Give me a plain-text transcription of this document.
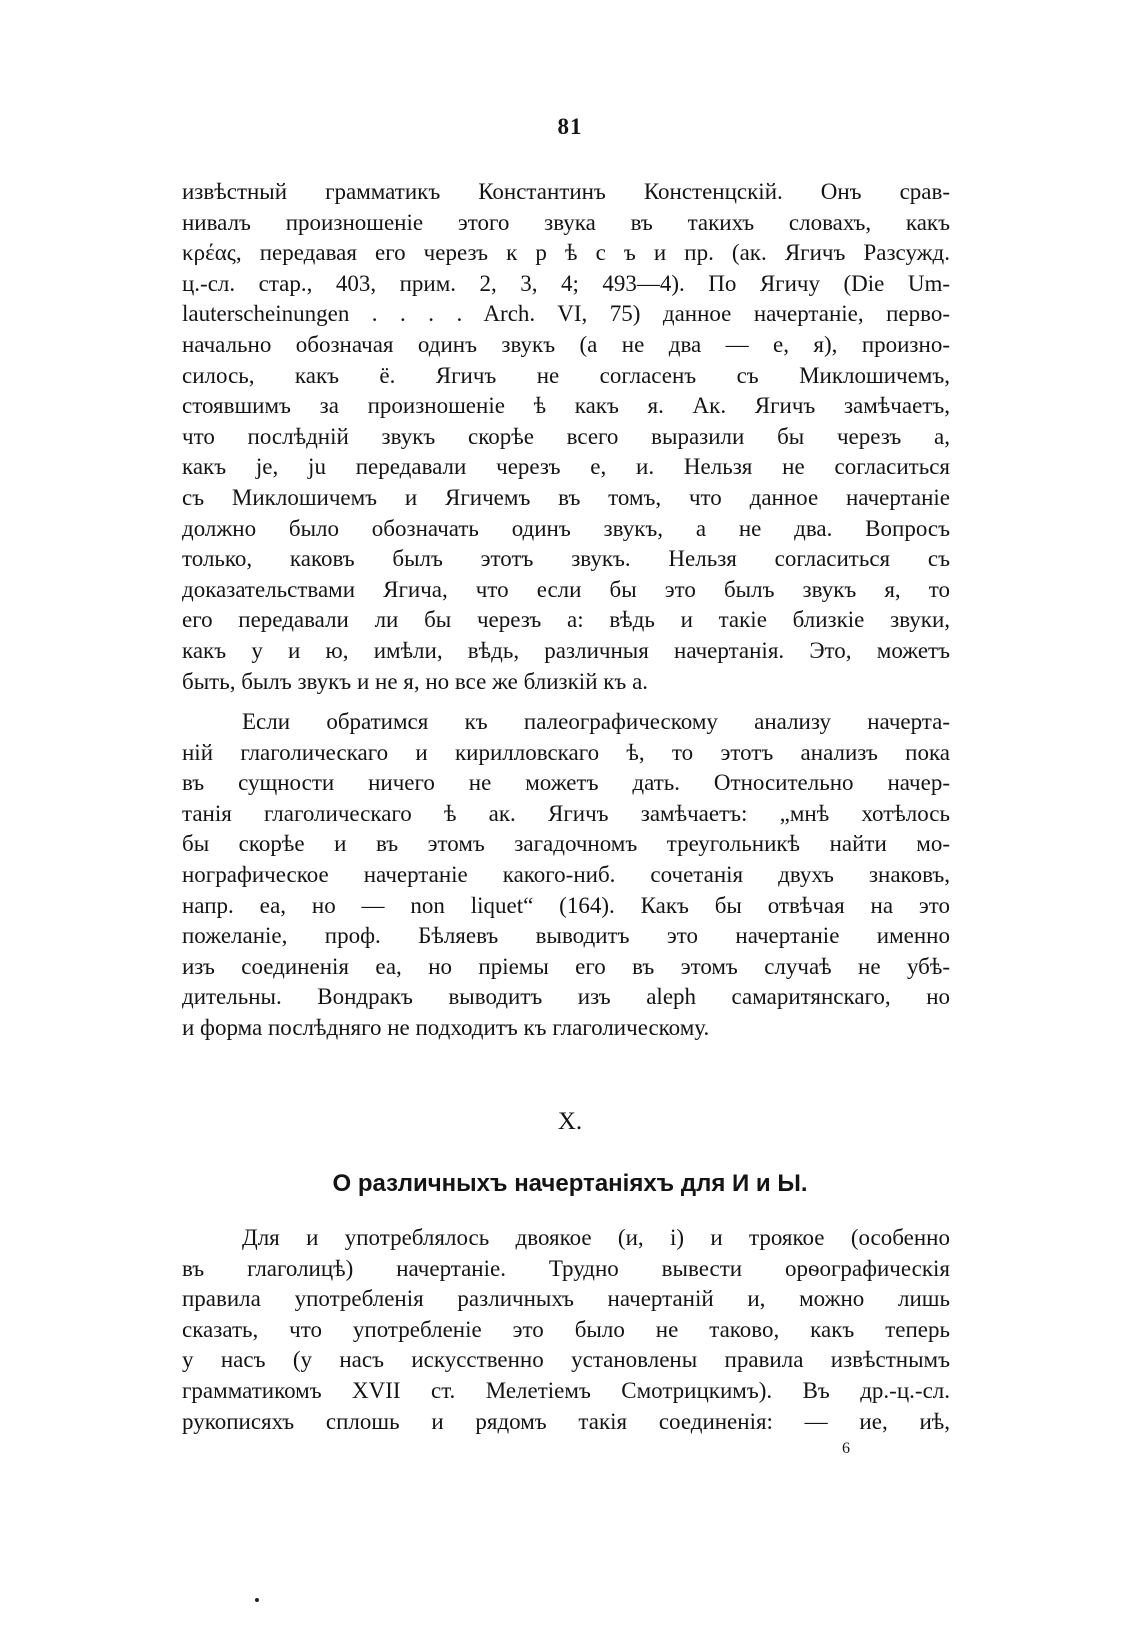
81
извѣстный грамматикъ Константинъ Констенцскій. Онъ срав-
нивалъ произношеніе этого звука въ такихъ словахъ, какъ
κρέας, передавая его черезъ к р ѣ с ъ и пр. (ак. Ягичъ Разсужд.
ц.-сл. стар., 403, прим. 2, 3, 4; 493—4). По Ягичу (Die Um-
lauterscheinungen . . . . Arch. VI, 75) данное начертаніе, перво-
начально обозначая одинъ звукъ (а не два — е, я), произно-
силось, какъ ё. Ягичъ не согласенъ съ Миклошичемъ,
стоявшимъ за произношеніе ѣ какъ я. Ак. Ягичъ замѣчаетъ,
что послѣдній звукъ скорѣе всего выразили бы черезъ а,
какъ je, ju передавали черезъ е, и. Нельзя не согласиться
съ Миклошичемъ и Ягичемъ въ томъ, что данное начертаніе
должно было обозначать одинъ звукъ, а не два. Вопросъ
только, каковъ былъ этотъ звукъ. Нельзя согласиться съ
доказательствами Ягича, что если бы это былъ звукъ я, то
его передавали ли бы черезъ а: вѣдь и такіе близкіе звуки,
какъ у и ю, имѣли, вѣдь, различныя начертанія. Это, можетъ
быть, былъ звукъ и не я, но все же близкій къ а.
Если обратимся къ палеографическому анализу начерта-
ній глаголическаго и кирилловскаго ѣ, то этотъ анализъ пока
въ сущности ничего не можетъ дать. Относительно начер-
танія глаголическаго ѣ ак. Ягичъ замѣчаетъ: „мнѣ хотѣлось
бы скорѣе и въ этомъ загадочномъ треугольникѣ найти мо-
нографическое начертаніе какого-ниб. сочетанія двухъ знаковъ,
напр. еа, но — non liquet“ (164). Какъ бы отвѣчая на это
пожеланіе, проф. Бѣляевъ выводитъ это начертаніе именно
изъ соединенія еа, но пріемы его въ этомъ случаѣ не убѣ-
дительны. Вондракъ выводитъ изъ aleph самаритянскаго, но
и форма послѣдняго не подходитъ къ глаголическому.
X.
О различныхъ начертаніяхъ для И и Ы.
Для и употреблялось двоякое (и, і) и троякое (особенно
въ глаголицѣ) начертаніе. Трудно вывести орѳографическія
правила употребленія различныхъ начертаній и, можно лишь
сказать, что употребленіе это было не таково, какъ теперь
у насъ (у насъ искусственно установлены правила извѣстнымъ
грамматикомъ XVII ст. Мелетіемъ Смотрицкимъ). Въ др.-ц.-сл.
рукописяхъ сплошь и рядомъ такія соединенія: — ие, иѣ,
6
